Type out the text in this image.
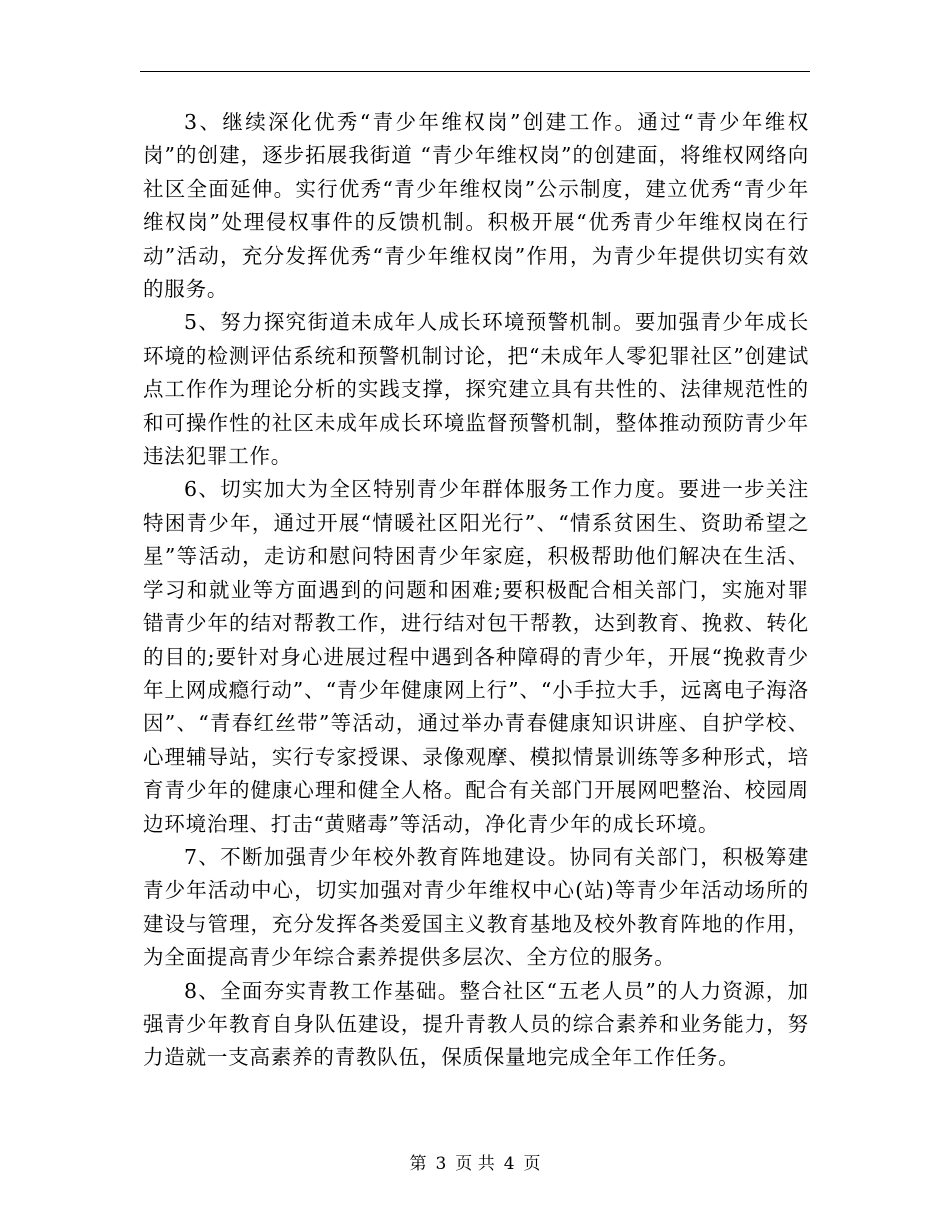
3、继续深化优秀“青少年维权岗”创建工作。通过“青少年维权岗”的创建，逐步拓展我街道 “青少年维权岗”的创建面，将维权网络向社区全面延伸。实行优秀“青少年维权岗”公示制度，建立优秀“青少年维权岗”处理侵权事件的反馈机制。积极开展“优秀青少年维权岗在行动”活动，充分发挥优秀“青少年维权岗”作用，为青少年提供切实有效的服务。

5、努力探究街道未成年人成长环境预警机制。要加强青少年成长环境的检测评估系统和预警机制讨论，把“未成年人零犯罪社区”创建试点工作作为理论分析的实践支撑，探究建立具有共性的、法律规范性的和可操作性的社区未成年成长环境监督预警机制，整体推动预防青少年违法犯罪工作。

6、切实加大为全区特别青少年群体服务工作力度。要进一步关注特困青少年，通过开展“情暖社区阳光行”、“情系贫困生、资助希望之星”等活动，走访和慰问特困青少年家庭，积极帮助他们解决在生活、学习和就业等方面遇到的问题和困难;要积极配合相关部门，实施对罪错青少年的结对帮教工作，进行结对包干帮教，达到教育、挽救、转化的目的;要针对身心进展过程中遇到各种障碍的青少年，开展“挽救青少年上网成瘾行动”、“青少年健康网上行”、“小手拉大手，远离电子海洛因”、“青春红丝带”等活动，通过举办青春健康知识讲座、自护学校、心理辅导站，实行专家授课、录像观摩、模拟情景训练等多种形式，培育青少年的健康心理和健全人格。配合有关部门开展网吧整治、校园周边环境治理、打击“黄赌毒”等活动，净化青少年的成长环境。

7、不断加强青少年校外教育阵地建设。协同有关部门，积极筹建青少年活动中心，切实加强对青少年维权中心(站)等青少年活动场所的建设与管理，充分发挥各类爱国主义教育基地及校外教育阵地的作用，为全面提高青少年综合素养提供多层次、全方位的服务。

8、全面夯实青教工作基础。整合社区“五老人员”的人力资源，加强青少年教育自身队伍建设，提升青教人员的综合素养和业务能力，努力造就一支高素养的青教队伍，保质保量地完成全年工作任务。

第 3 页 共 4 页
